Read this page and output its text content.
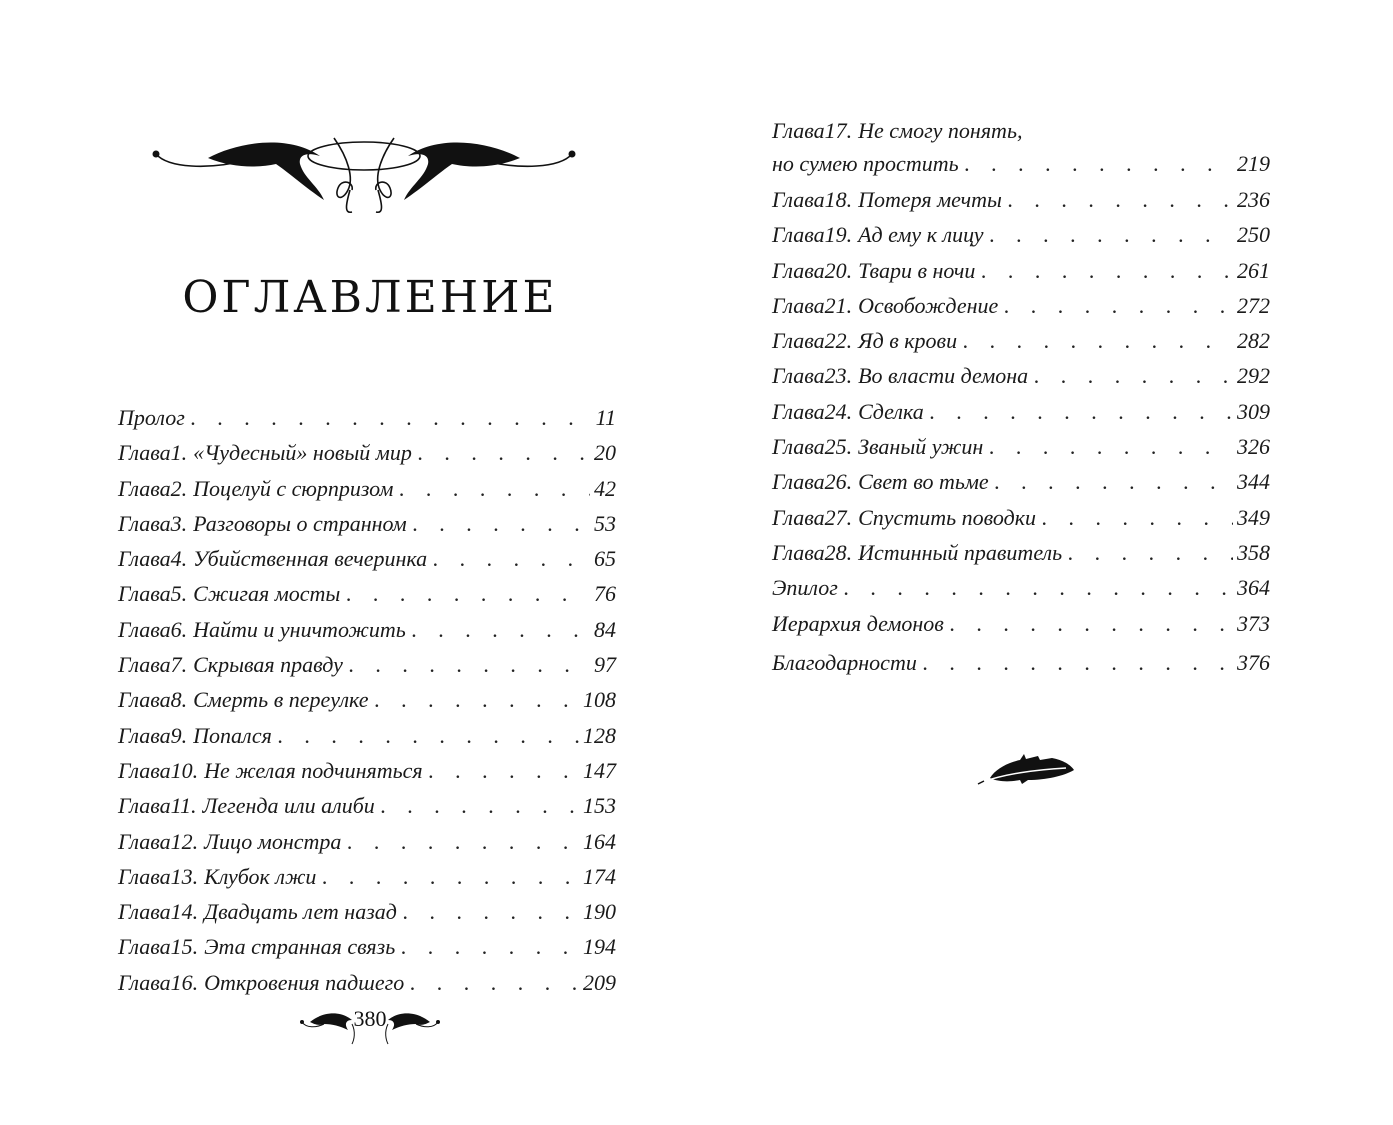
ОГЛАВЛЕНИЕ
Пролог . . .	11
Глава 1. «Чудесный» новый мир . . .	20
Глава 2. Поцелуй с сюрпризом . . .	42
Глава 3. Разговоры о странном . . .	53
Глава 4. Убийственная вечеринка . . .	65
Глава 5. Сжигая мосты . . .	76
Глава 6. Найти и уничтожить . . .	84
Глава 7. Скрывая правду . . .	97
Глава 8. Смерть в переулке . . .	108
Глава 9. Попался . . .	128
Глава 10. Не желая подчиняться . . .	147
Глава 11. Легенда или алиби . . .	153
Глава 12. Лицо монстра . . .	164
Глава 13. Клубок лжи . . .	174
Глава 14. Двадцать лет назад . . .	190
Глава 15. Эта странная связь . . .	194
Глава 16. Откровения падшего . . .	209
380
Глава 17. Не смогу понять,
но сумею простить . . .	219
Глава 18. Потеря мечты . . .	236
Глава 19. Ад ему к лицу . . .	250
Глава 20. Твари в ночи . . .	261
Глава 21. Освобождение . . .	272
Глава 22. Яд в крови . . .	282
Глава 23. Во власти демона . . .	292
Глава 24. Сделка . . .	309
Глава 25. Званый ужин . . .	326
Глава 26. Свет во тьме . . .	344
Глава 27. Спустить поводки . . .	349
Глава 28. Истинный правитель . . .	358
Эпилог . . .	364
Иерархия демонов . . .	373
Благодарности . . .	376
